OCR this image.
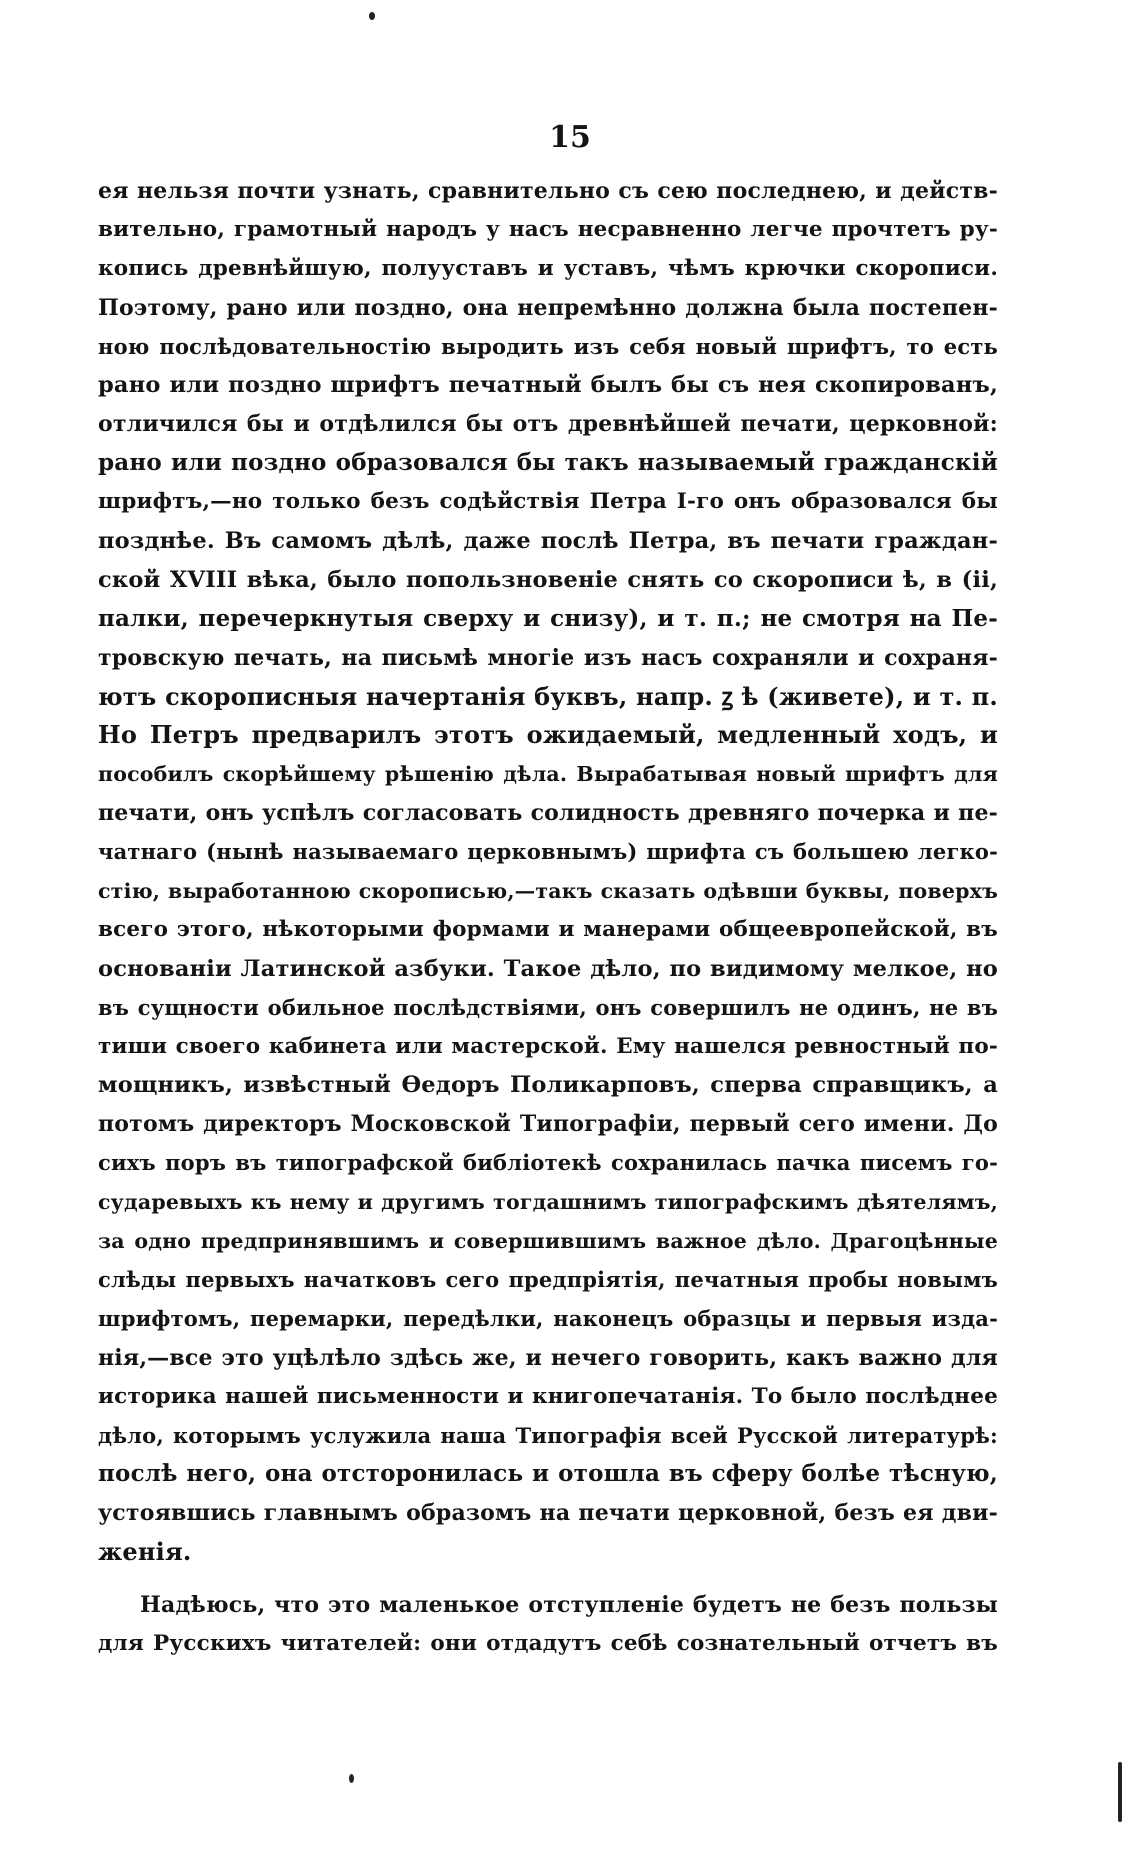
15
ея нельзя почти узнать, сравнительно съ сею последнею, и действ-
вительно, грамотный народъ у насъ несравненно легче прочтетъ ру-
копись древнѣйшую, полууставъ и уставъ, чѣмъ крючки скорописи.
Поэтому, рано или поздно, она непремѣнно должна была постепен-
ною послѣдовательностію выродить изъ себя новый шрифтъ, то есть
рано или поздно шрифтъ печатный былъ бы съ нея скопированъ,
отличился бы и отдѣлился бы отъ древнѣйшей печати, церковной:
рано или поздно образовался бы такъ называемый гражданскій
шрифтъ,—но только безъ содѣйствія Петра I-го онъ образовался бы
позднѣе. Въ самомъ дѣлѣ, даже послѣ Петра, въ печати граждан-
ской XVIII вѣка, было попользновеніе снять со скорописи ѣ, в (ii,
палки, перечеркнутыя сверху и снизу), и т. п.; не смотря на Пе-
тровскую печать, на письмѣ многіе изъ насъ сохраняли и сохраня-
ютъ скорописныя начертанія буквъ, напр. ꙁ ѣ (живете), и т. п.
Но Петръ предварилъ этотъ ожидаемый, медленный ходъ, и
пособилъ скорѣйшему рѣшенію дѣла. Вырабатывая новый шрифтъ для
печати, онъ успѣлъ согласовать солидность древняго почерка и пе-
чатнаго (нынѣ называемаго церковнымъ) шрифта съ большею легко-
стію, выработанною скорописью,—такъ сказать одѣвши буквы, поверхъ
всего этого, нѣкоторыми формами и манерами общеевропейской, въ
основаніи Латинской азбуки. Такое дѣло, по видимому мелкое, но
въ сущности обильное послѣдствіями, онъ совершилъ не одинъ, не въ
тиши своего кабинета или мастерской. Ему нашелся ревностный по-
мощникъ, извѣстный Ѳедоръ Поликарповъ, сперва справщикъ, а
потомъ директоръ Московской Типографіи, первый сего имени. До
сихъ поръ въ типографской библіотекѣ сохранилась пачка писемъ го-
сударевыхъ къ нему и другимъ тогдашнимъ типографскимъ дѣятелямъ,
за одно предпринявшимъ и совершившимъ важное дѣло. Драгоцѣнные
слѣды первыхъ начатковъ сего предпріятія, печатныя пробы новымъ
шрифтомъ, перемарки, передѣлки, наконецъ образцы и первыя изда-
нія,—все это уцѣлѣло здѣсь же, и нечего говорить, какъ важно для
историка нашей письменности и книгопечатанія. То было послѣднее
дѣло, которымъ услужила наша Типографія всей Русской литературѣ:
послѣ него, она отстоpонилась и отошла въ сферу болѣе тѣсную,
устоявшись главнымъ образомъ на печати церковной, безъ ея дви-
женія.
Надѣюсь, что это маленькое отступленіе будетъ не безъ пользы
для Русскихъ читателей: они отдадутъ себѣ сознательный отчетъ въ
